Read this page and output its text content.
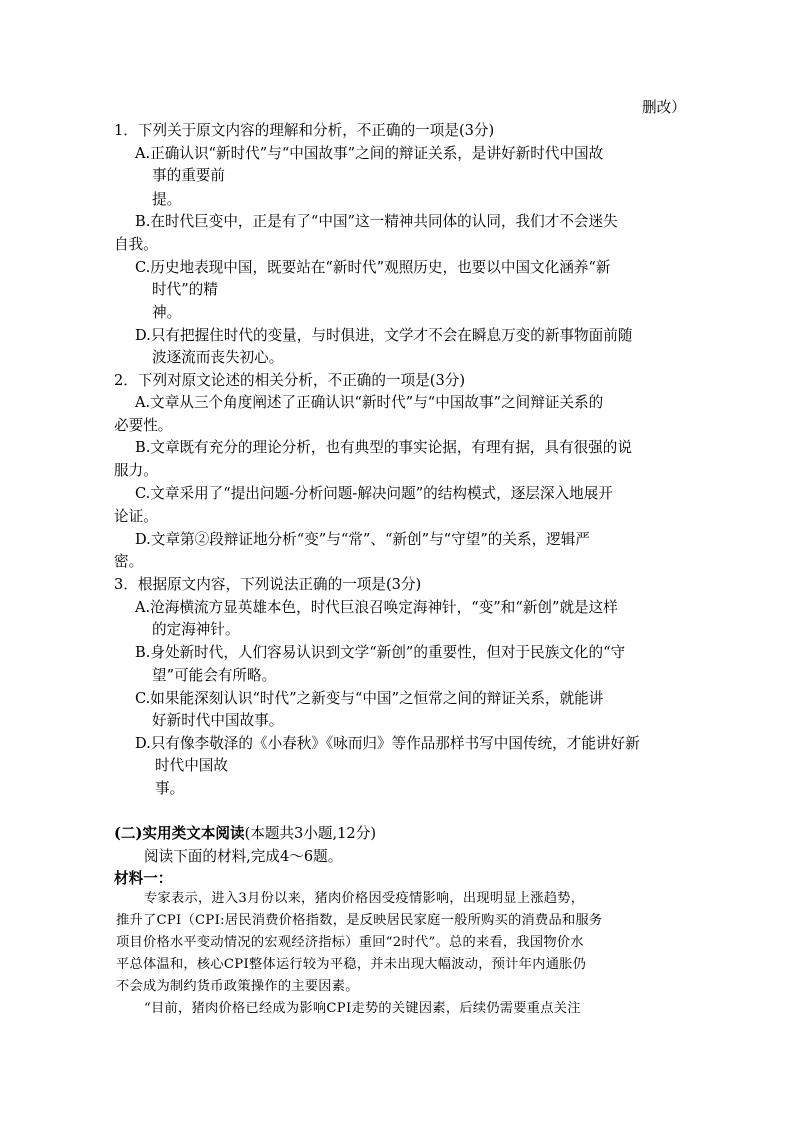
删改）
1．下列关于原文内容的理解和分析，不正确的一项是(3分)
A.正确认识“新时代”与“中国故事”之间的辩证关系，是讲好新时代中国故
事的重要前
提。
B.在时代巨变中，正是有了“中国”这一精神共同体的认同，我们才不会迷失
自我。
C.历史地表现中国，既要站在“新时代”观照历史，也要以中国文化涵养“新
时代”的精
神。
D.只有把握住时代的变量，与时俱进，文学才不会在瞬息万变的新事物面前随
波逐流而丧失初心。
2．下列对原文论述的相关分析，不正确的一项是(3分)
A.文章从三个角度阐述了正确认识“新时代”与“中国故事”之间辩证关系的
必要性。
B.文章既有充分的理论分析，也有典型的事实论据，有理有据，具有很强的说
服力。
C.文章采用了“提出问题-分析问题-解决问题”的结构模式，逐层深入地展开
论证。
D.文章第②段辩证地分析“变”与“常”、“新创”与“守望”的关系，逻辑严
密。
3．根据原文内容，下列说法正确的一项是(3分)
A.沧海横流方显英雄本色，时代巨浪召唤定海神针，“变”和“新创”就是这样
的定海神针。
B.身处新时代，人们容易认识到文学“新创”的重要性，但对于民族文化的“守
望”可能会有所略。
C.如果能深刻认识“时代”之新变与“中国”之恒常之间的辩证关系，就能讲
好新时代中国故事。
D.只有像李敬泽的《小春秋》《咏而归》等作品那样书写中国传统，才能讲好新
时代中国故
事。
(二)实用类文本阅读(本题共3小题,12分)
阅读下面的材料,完成4～6题。
材料一：
专家表示，进入3月份以来，猪肉价格因受疫情影响，出现明显上涨趋势，
推升了CPI（CPI:居民消费价格指数，是反映居民家庭一般所购买的消费品和服务
项目价格水平变动情况的宏观经济指标）重回“2时代”。总的来看，我国物价水
平总体温和，核心CPI整体运行较为平稳，并未出现大幅波动，预计年内通胀仍
不会成为制约货币政策操作的主要因素。
“目前，猪肉价格已经成为影响CPI走势的关键因素，后续仍需要重点关注
